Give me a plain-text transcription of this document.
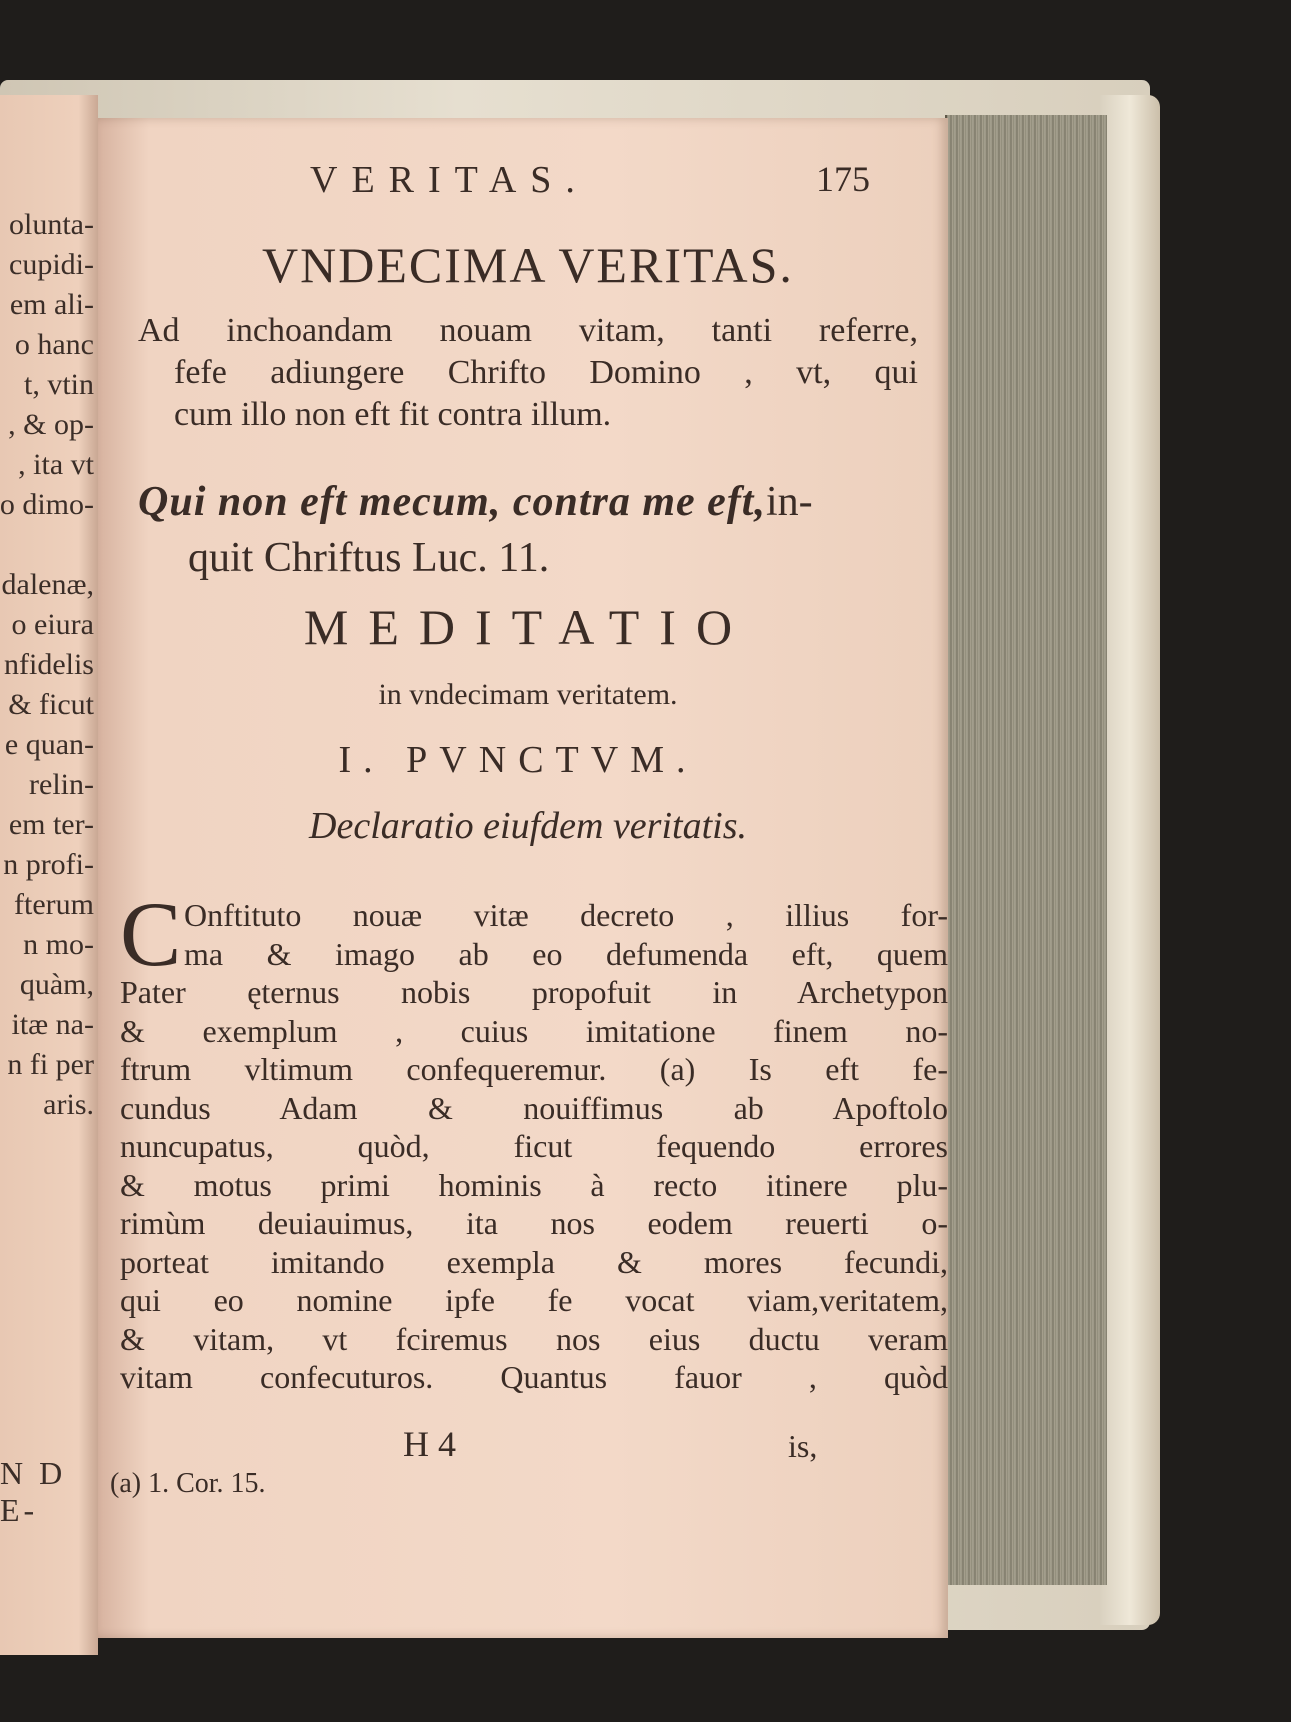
olunta-
cupidi-
em ali-
o hanc
t, vtin
, & op-
, ita vt
o dimo-
dalenæ,
o eiura
nfidelis
& ficut
e quan-
relin-
em ter-
n profi-
fterum
n mo-
quàm,
itæ na-
n fi per
aris.
N D E-
VERITAS.	175
VNDECIMA VERITAS.
Ad inchoandam nouam vitam, tanti referre,
fefe adiungere Chrifto Domino , vt, qui
cum illo non eft fit contra illum.
Qui non eft mecum, contra me eft,in-
quit Chriftus Luc. 11.
MEDITATIO
in vndecimam veritatem.
I. PVNCTVM.
Declaratio eiufdem veritatis.
C Onftituto nouæ vitæ decreto , illius for-
ma & imago ab eo defumenda eft, quem
Pater ęternus nobis propofuit in Archetypon
& exemplum , cuius imitatione finem no-
ftrum vltimum confequeremur. (a) Is eft fe-
cundus Adam & nouiffimus ab Apoftolo
nuncupatus, quòd, ficut fequendo errores
& motus primi hominis à recto itinere plu-
rimùm deuiauimus, ita nos eodem reuerti o-
porteat imitando exempla & mores fecundi,
qui eo nomine ipfe fe vocat viam,veritatem,
& vitam, vt fciremus nos eius ductu veram
vitam confecuturos. Quantus fauor , quòd
H 4	is,
(a) 1. Cor. 15.
